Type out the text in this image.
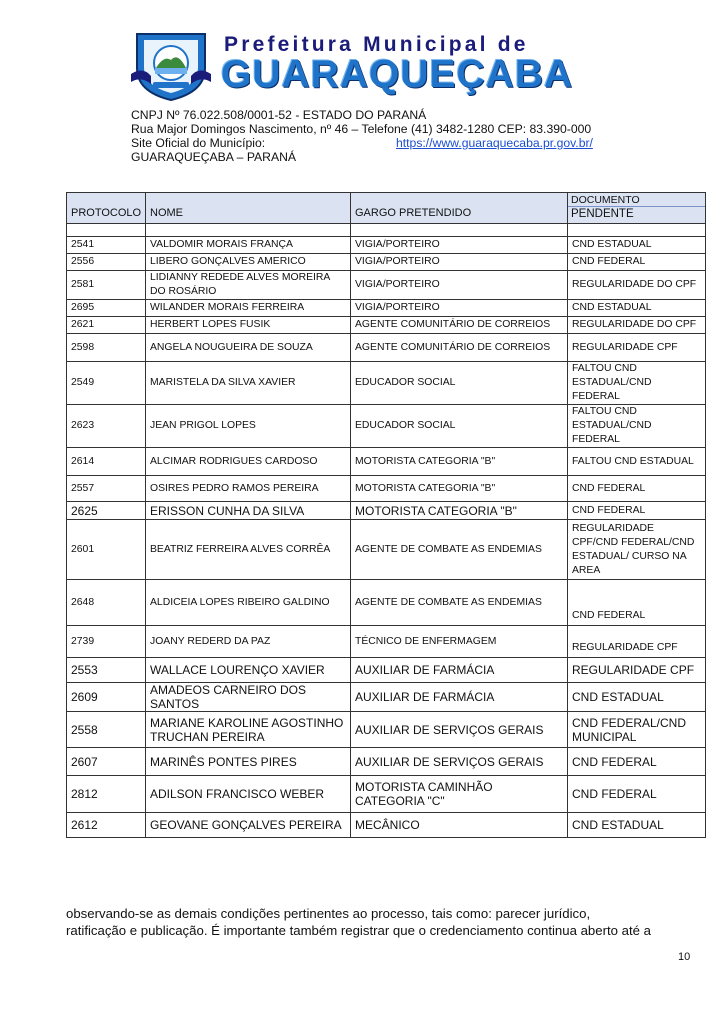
Prefeitura Municipal de
GUARAQUEÇABA
CNPJ Nº 76.022.508/0001-52 - ESTADO DO PARANÁ
Rua Major Domingos Nascimento, nº 46 – Telefone (41) 3482-1280 CEP: 83.390-000
Site Oficial do Município:	https://www.guaraquecaba.pr.gov.br/
GUARAQUEÇABA – PARANÁ
PROTOCOLO	NOME	GARGO PRETENDIDO	DOCUMENTO
PENDENTE

2541	VALDOMIR MORAIS FRANÇA	VIGIA/PORTEIRO	CND ESTADUAL
2556	LIBERO GONÇALVES AMERICO	VIGIA/PORTEIRO	CND FEDERAL
2581	LIDIANNY REDEDE ALVES MOREIRA DO ROSÁRIO	VIGIA/PORTEIRO	REGULARIDADE DO CPF
2695	WILANDER MORAIS FERREIRA	VIGIA/PORTEIRO	CND ESTADUAL
2621	HERBERT LOPES FUSIK	AGENTE COMUNITÁRIO DE CORREIOS	REGULARIDADE DO CPF
2598	ANGELA NOUGUEIRA DE SOUZA	AGENTE COMUNITÁRIO DE CORREIOS	REGULARIDADE CPF
2549	MARISTELA DA SILVA XAVIER	EDUCADOR SOCIAL	FALTOU CND ESTADUAL/CND FEDERAL
2623	JEAN PRIGOL LOPES	EDUCADOR SOCIAL	FALTOU CND ESTADUAL/CND FEDERAL
2614	ALCIMAR RODRIGUES CARDOSO	MOTORISTA CATEGORIA "B"	FALTOU CND ESTADUAL
2557	OSIRES PEDRO RAMOS PEREIRA	MOTORISTA CATEGORIA "B"	CND FEDERAL
2625	ERISSON CUNHA DA SILVA	MOTORISTA CATEGORIA "B"	CND FEDERAL
2601	BEATRIZ FERREIRA ALVES CORRÊA	AGENTE DE COMBATE AS ENDEMIAS	REGULARIDADE CPF/CND FEDERAL/CND ESTADUAL/ CURSO NA AREA
2648	ALDICEIA LOPES RIBEIRO GALDINO	AGENTE DE COMBATE AS ENDEMIAS	CND FEDERAL
2739	JOANY REDERD DA PAZ	TÉCNICO DE ENFERMAGEM	REGULARIDADE CPF
2553	WALLACE LOURENÇO XAVIER	AUXILIAR DE FARMÁCIA	REGULARIDADE CPF
2609	AMADEOS CARNEIRO DOS SANTOS	AUXILIAR DE FARMÁCIA	CND ESTADUAL
2558	MARIANE KAROLINE AGOSTINHO TRUCHAN PEREIRA	AUXILIAR DE SERVIÇOS GERAIS	CND FEDERAL/CND MUNICIPAL
2607	MARINÊS PONTES PIRES	AUXILIAR DE SERVIÇOS GERAIS	CND FEDERAL
2812	ADILSON FRANCISCO WEBER	MOTORISTA CAMINHÃO CATEGORIA "C"	CND FEDERAL
2612	GEOVANE GONÇALVES PEREIRA	MECÂNICO	CND ESTADUAL
observando-se as demais condições pertinentes ao processo, tais como: parecer jurídico,
ratificação e publicação. É importante também registrar que o credenciamento continua aberto até a
10
